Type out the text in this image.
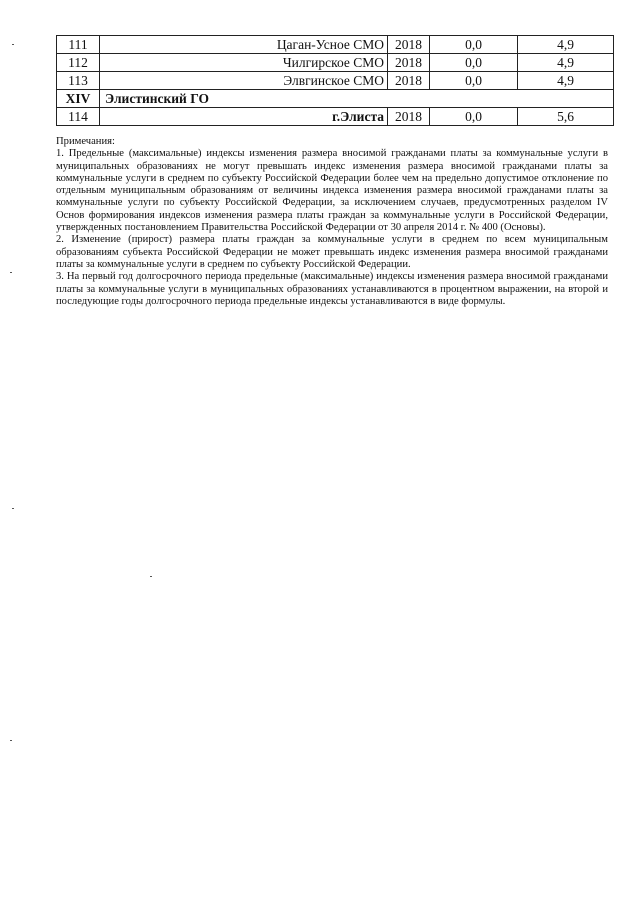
111	Цаган-Усное СМО	2018	0,0	4,9
112	Чилгирское СМО	2018	0,0	4,9
113	Элвгинское СМО	2018	0,0	4,9
XIV	Элистинский ГО			
114	г.Элиста	2018	0,0	5,6

Примечания:

1. Предельные (максимальные) индексы изменения размера вносимой гражданами платы за коммунальные услуги в муниципальных образованиях не могут превышать индекс изменения размера вносимой гражданами платы за коммунальные услуги в среднем по субъекту Российской Федерации более чем на предельно допустимое отклонение по отдельным муниципальным образованиям от величины индекса изменения размера вносимой гражданами платы за коммунальные услуги по субъекту Российской Федерации, за исключением случаев, предусмотренных разделом IV Основ формирования индексов изменения размера платы граждан за коммунальные услуги в Российской Федерации, утвержденных постановлением Правительства Российской Федерации от 30 апреля 2014 г. № 400 (Основы).

2. Изменение (прирост) размера платы граждан за коммунальные услуги в среднем по всем муниципальным образованиям субъекта Российской Федерации не может превышать индекс изменения размера вносимой гражданами платы за коммунальные услуги в среднем по субъекту Российской Федерации.

3. На первый год долгосрочного периода предельные (максимальные) индексы изменения размера вносимой гражданами платы за коммунальные услуги в муниципальных образованиях устанавливаются в процентном выражении, на второй и последующие годы долгосрочного периода предельные индексы устанавливаются в виде формулы.
